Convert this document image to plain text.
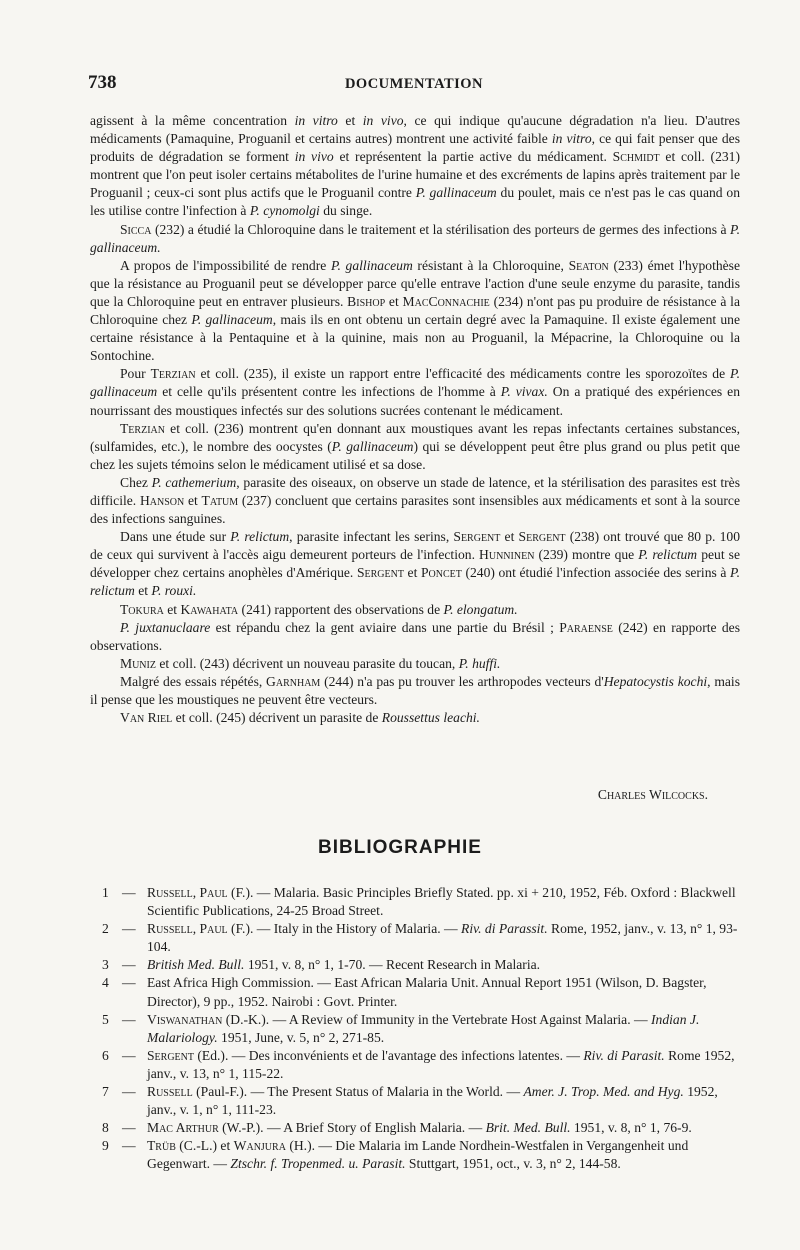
738	DOCUMENTATION

agissent à la même concentration in vitro et in vivo, ce qui indique qu'aucune dégradation n'a lieu. D'autres médicaments (Pamaquine, Proguanil et certains autres) montrent une activité faible in vitro, ce qui fait penser que des produits de dégradation se forment in vivo et représentent la partie active du médicament. Schmidt et coll. (231) montrent que l'on peut isoler certains métabolites de l'urine humaine et des excréments de lapins après traitement par le Proguanil ; ceux-ci sont plus actifs que le Proguanil contre P. gallinaceum du poulet, mais ce n'est pas le cas quand on les utilise contre l'infection à P. cynomolgi du singe.

Sicca (232) a étudié la Chloroquine dans le traitement et la stérilisation des porteurs de germes des infections à P. gallinaceum.

A propos de l'impossibilité de rendre P. gallinaceum résistant à la Chloroquine, Seaton (233) émet l'hypothèse que la résistance au Proguanil peut se développer parce qu'elle entrave l'action d'une seule enzyme du parasite, tandis que la Chloroquine peut en entraver plusieurs. Bishop et MacConnachie (234) n'ont pas pu produire de résistance à la Chloroquine chez P. gallinaceum, mais ils en ont obtenu un certain degré avec la Pamaquine. Il existe également une certaine résistance à la Pentaquine et à la quinine, mais non au Proguanil, la Mépacrine, la Chloroquine ou la Sontochine.

Pour Terzian et coll. (235), il existe un rapport entre l'efficacité des médicaments contre les sporozoïtes de P. gallinaceum et celle qu'ils présentent contre les infections de l'homme à P. vivax. On a pratiqué des expériences en nourrissant des moustiques infectés sur des solutions sucrées contenant le médicament.

Terzian et coll. (236) montrent qu'en donnant aux moustiques avant les repas infectants certaines substances, (sulfamides, etc.), le nombre des oocystes (P. gallinaceum) qui se développent peut être plus grand ou plus petit que chez les sujets témoins selon le médicament utilisé et sa dose.

Chez P. cathemerium, parasite des oiseaux, on observe un stade de latence, et la stérilisation des parasites est très difficile. Hanson et Tatum (237) concluent que certains parasites sont insensibles aux médicaments et sont à la source des infections sanguines.

Dans une étude sur P. relictum, parasite infectant les serins, Sergent et Sergent (238) ont trouvé que 80 p. 100 de ceux qui survivent à l'accès aigu demeurent porteurs de l'infection. Hunninen (239) montre que P. relictum peut se développer chez certains anophèles d'Amérique. Sergent et Poncet (240) ont étudié l'infection associée des serins à P. relictum et P. rouxi.

Tokura et Kawahata (241) rapportent des observations de P. elongatum.

P. juxtanuclaare est répandu chez la gent aviaire dans une partie du Brésil ; Paraense (242) en rapporte des observations.

Muniz et coll. (243) décrivent un nouveau parasite du toucan, P. huffi.

Malgré des essais répétés, Garnham (244) n'a pas pu trouver les arthropodes vecteurs d'Hepatocystis kochi, mais il pense que les moustiques ne peuvent être vecteurs.

Van Riel et coll. (245) décrivent un parasite de Roussettus leachi.

Charles Wilcocks.
BIBLIOGRAPHIE
1 — Russell, Paul (F.). — Malaria. Basic Principles Briefly Stated. pp. xi + 210, 1952, Féb. Oxford : Blackwell Scientific Publications, 24-25 Broad Street.
2 — Russell, Paul (F.). — Italy in the History of Malaria. — Riv. di Parassit. Rome, 1952, janv., v. 13, n° 1, 93-104.
3 — British Med. Bull. 1951, v. 8, n° 1, 1-70. — Recent Research in Malaria.
4 — East Africa High Commission. — East African Malaria Unit. Annual Report 1951 (Wilson, D. Bagster, Director), 9 pp., 1952. Nairobi : Govt. Printer.
5 — Viswanathan (D.-K.). — A Review of Immunity in the Vertebrate Host Against Malaria. — Indian J. Malariology. 1951, June, v. 5, n° 2, 271-85.
6 — Sergent (Ed.). — Des inconvénients et de l'avantage des infections latentes. — Riv. di Parasit. Rome 1952, janv., v. 13, n° 1, 115-22.
7 — Russell (Paul-F.). — The Present Status of Malaria in the World. — Amer. J. Trop. Med. and Hyg. 1952, janv., v. 1, n° 1, 111-23.
8 — Mac Arthur (W.-P.). — A Brief Story of English Malaria. — Brit. Med. Bull. 1951, v. 8, n° 1, 76-9.
9 — Trüb (C.-L.) et Wanjura (H.). — Die Malaria im Lande Nordhein-Westfalen in Vergangenheit und Gegenwart. — Ztschr. f. Tropenmed. u. Parasit. Stuttgart, 1951, oct., v. 3, n° 2, 144-58.
